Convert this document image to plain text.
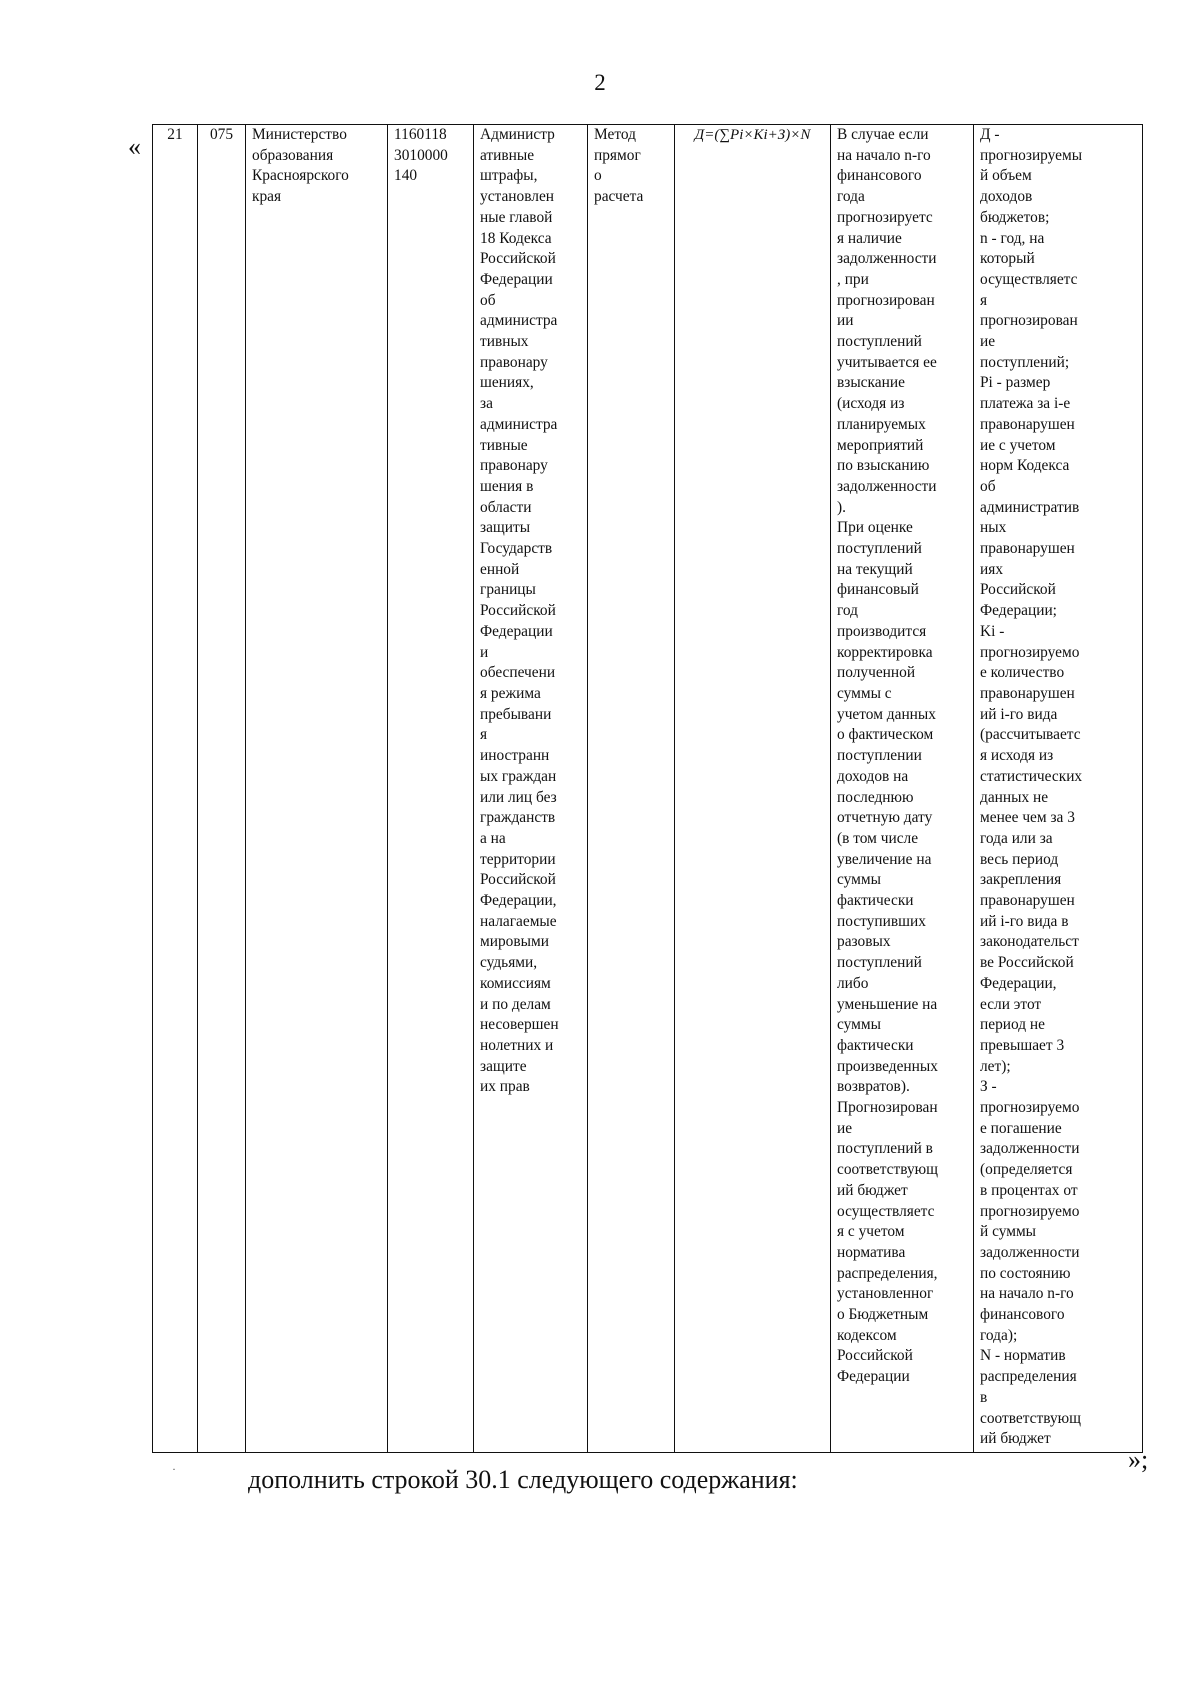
2
« 21	075	Министерство
образования
Красноярского
края	1160118
3010000
140	Администр
ативные
штрафы,
установлен
ные главой
18 Кодекса
Российской
Федерации
об
администра
тивных
правонару
шениях,
за
администра
тивные
правонару
шения в
области
защиты
Государств
енной
границы
Российской
Федерации
и
обеспечени
я режима
пребывани
я
иностранн
ых граждан
или лиц без
гражданств
а на
территории
Российской
Федерации,
налагаемые
мировыми
судьями,
комиссиям
и по делам
несовершен
нолетних и
защите
их прав	Метод
прямог
о
расчета	Д=(∑Pi×Ki+З)×N	В случае если
на начало n-го
финансового
года
прогнозируетс
я наличие
задолженности
, при
прогнозирован
ии
поступлений
учитывается ее
взыскание
(исходя из
планируемых
мероприятий
по взысканию
задолженности
).
При оценке
поступлений
на текущий
финансовый
год
производится
корректировка
полученной
суммы с
учетом данных
о фактическом
поступлении
доходов на
последнюю
отчетную дату
(в том числе
увеличение на
суммы
фактически
поступивших
разовых
поступлений
либо
уменьшение на
суммы
фактически
произведенных
возвратов).
Прогнозирован
ие
поступлений в
соответствующ
ий бюджет
осуществляетс
я с учетом
норматива
распределения,
установленног
о Бюджетным
кодексом
Российской
Федерации	Д -
прогнозируемы
й объем
доходов
бюджетов;
n - год, на
который
осуществляетс
я
прогнозирован
ие
поступлений;
Pi - размер
платежа за i-е
правонарушен
ие с учетом
норм Кодекса
об
административ
ных
правонарушен
иях
Российской
Федерации;
Ki -
прогнозируемо
е количество
правонарушен
ий i-го вида
(рассчитываетс
я исходя из
статистических
данных не
менее чем за 3
года или за
весь период
закрепления
правонарушен
ий i-го вида в
законодательст
ве Российской
Федерации,
если этот
период не
превышает 3
лет);
З -
прогнозируемо
е погашение
задолженности
(определяется
в процентах от
прогнозируемо
й суммы
задолженности
по состоянию
на начало n-го
финансового
года);
N - норматив
распределения
в
соответствующ
ий бюджет
»;
·	дополнить строкой 30.1 следующего содержания:
